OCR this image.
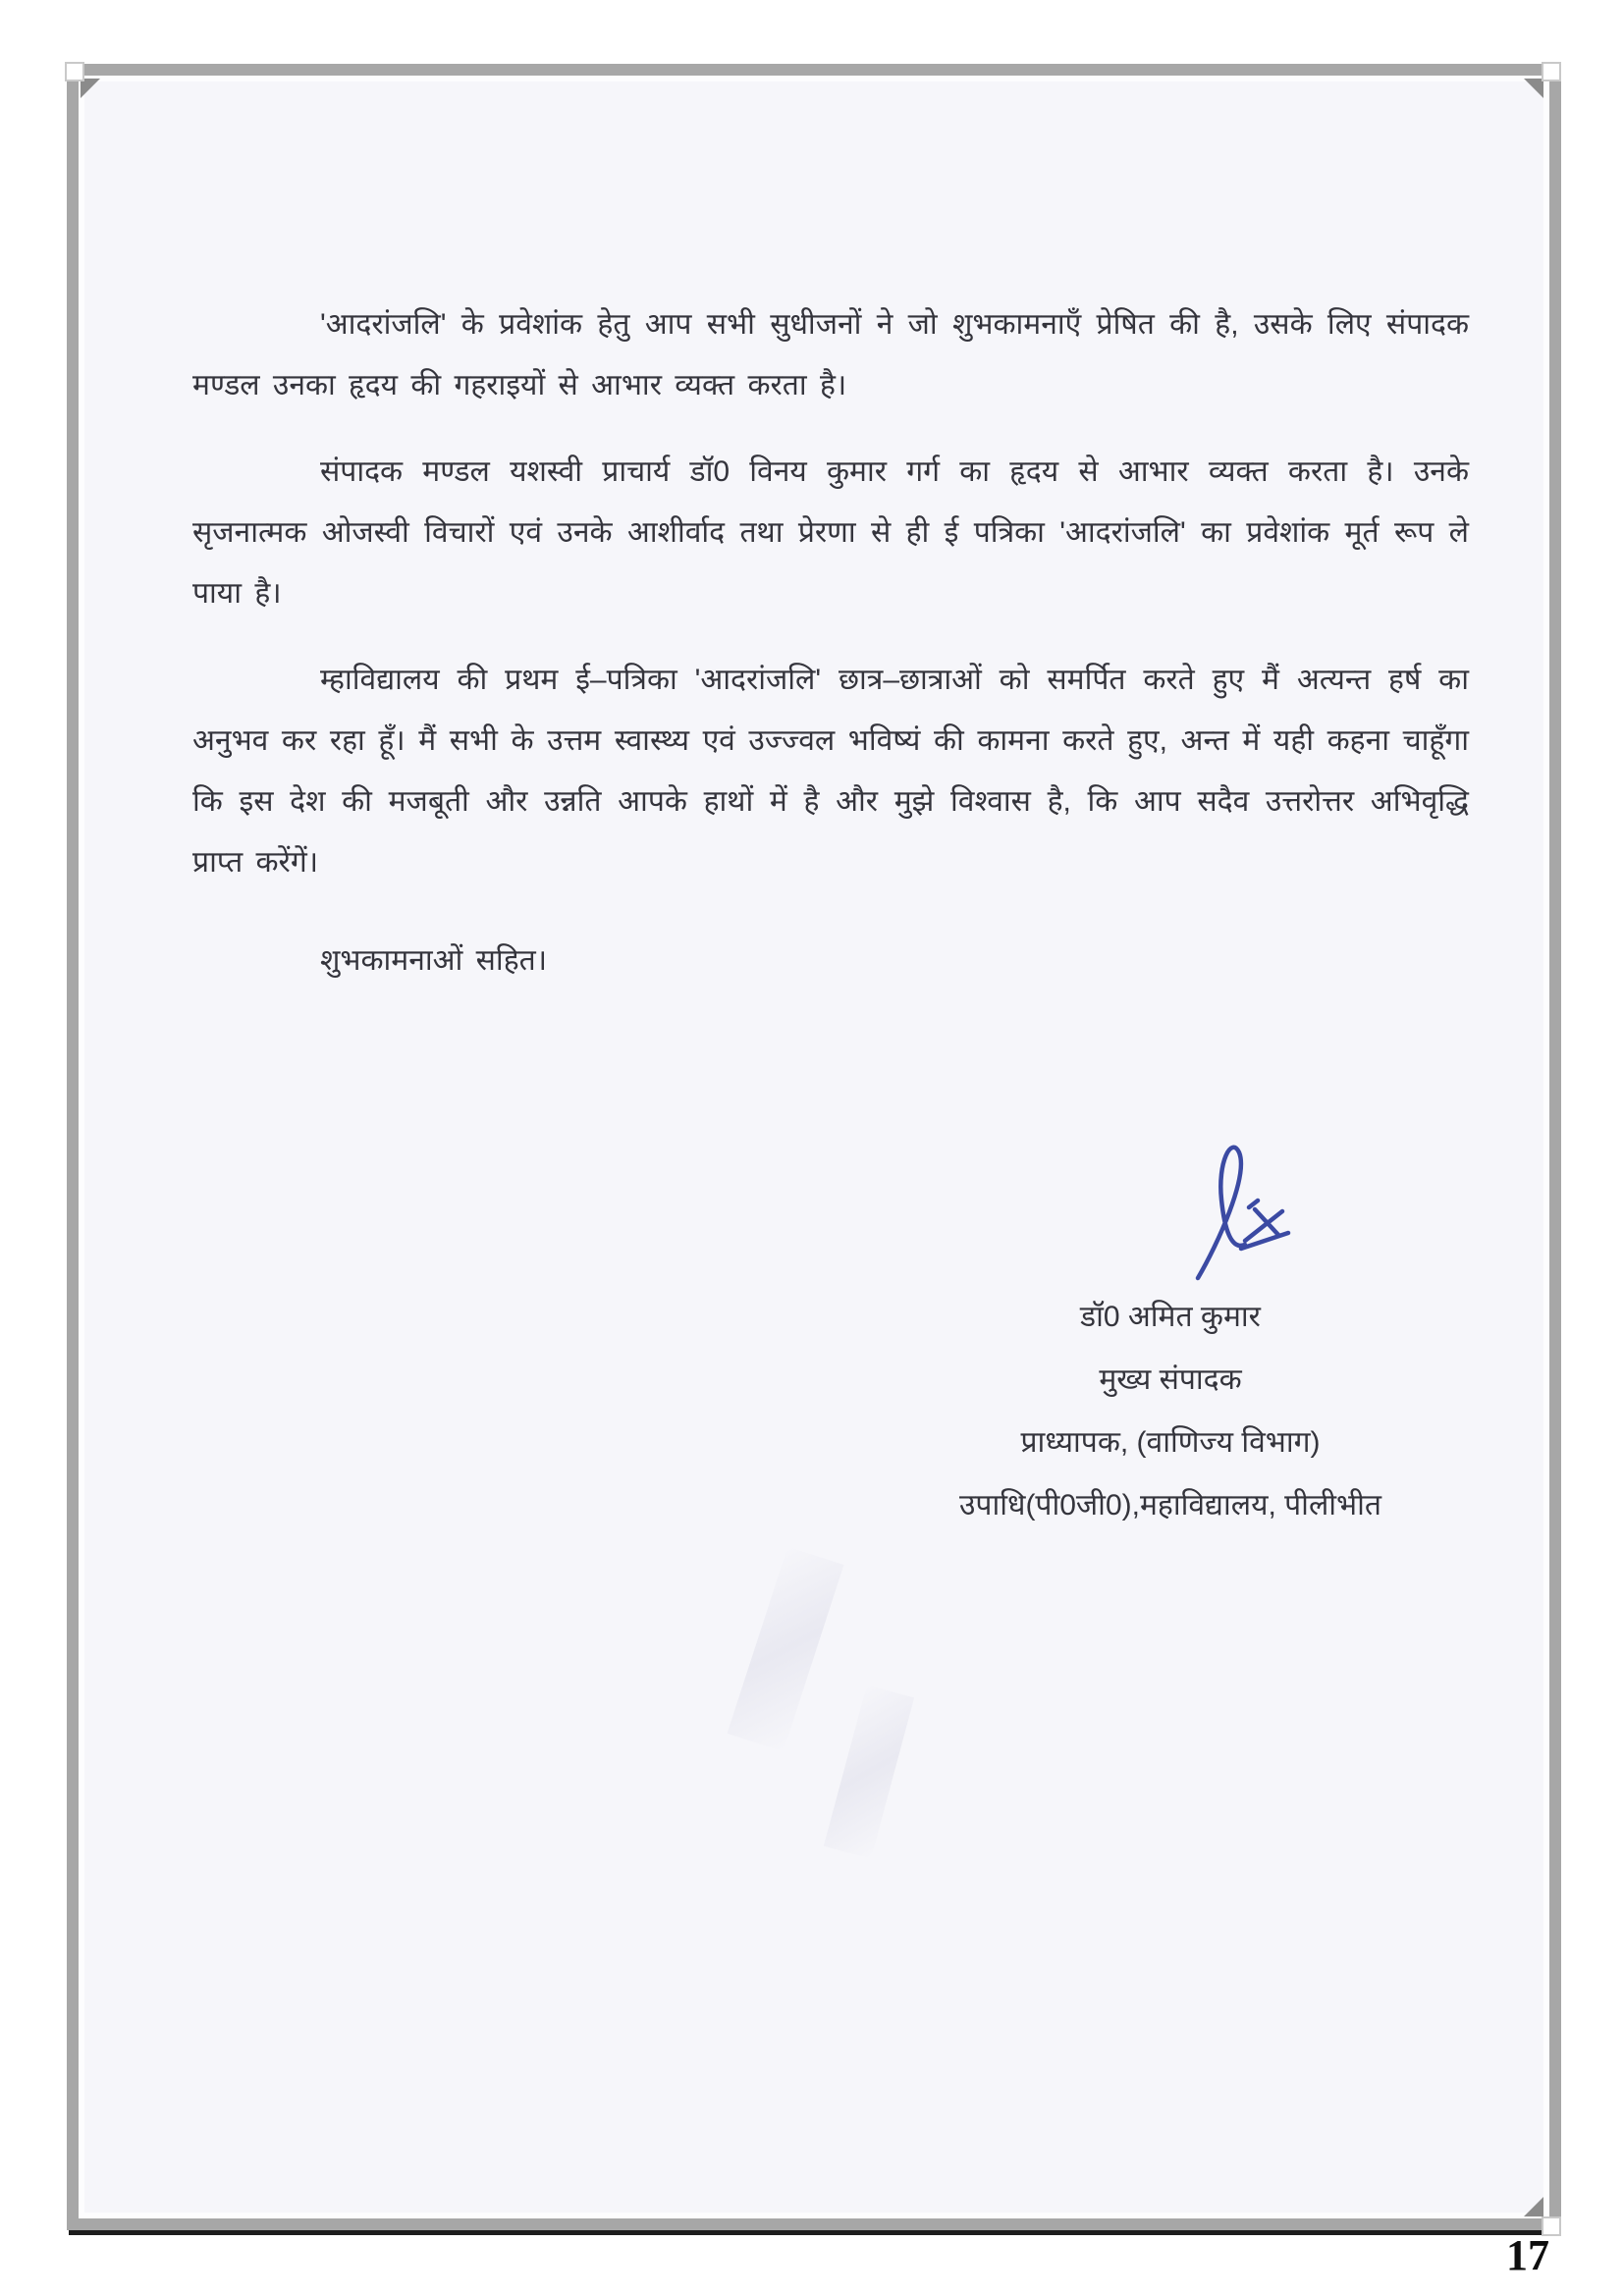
'आदरांजलि' के प्रवेशांक हेतु आप सभी सुधीजनों ने जो शुभकामनाएँ प्रेषित की है, उसके लिए संपादक मण्डल उनका हृदय की गहराइयों से आभार व्यक्त करता है।

संपादक मण्डल यशस्वी प्राचार्य डॉ0 विनय कुमार गर्ग का हृदय से आभार व्यक्त करता है। उनके सृजनात्मक ओजस्वी विचारों एवं उनके आशीर्वाद तथा प्रेरणा से ही ई पत्रिका 'आदरांजलि' का प्रवेशांक मूर्त रूप ले पाया है।

म्हाविद्यालय की प्रथम ई–पत्रिका 'आदरांजलि' छात्र–छात्राओं को समर्पित करते हुए मैं अत्यन्त हर्ष का अनुभव कर रहा हूँ। मैं सभी के उत्तम स्वास्थ्य एवं उज्ज्वल भविष्यं की कामना करते हुए, अन्त में यही कहना चाहूँगा कि इस देश की मजबूती और उन्नति आपके हाथों में है और मुझे विश्वास है, कि आप सदैव उत्तरोत्तर अभिवृद्धि प्राप्त करेंगें।

शुभकामनाओं सहित।
डॉ0 अमित कुमार
मुख्य संपादक
प्राध्यापक, (वाणिज्य विभाग)
उपाधि(पी0जी0),महाविद्यालय, पीलीभीत
17
